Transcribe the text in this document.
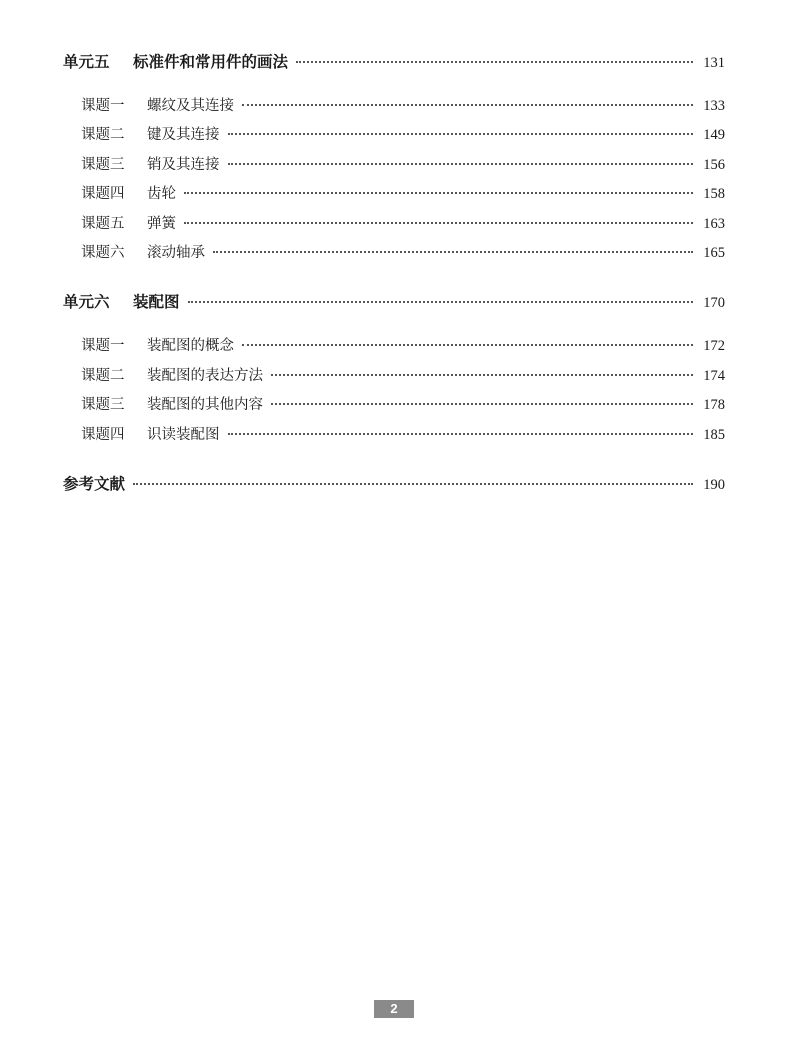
单元五	标准件和常用件的画法	131
课题一	螺纹及其连接	133
课题二	键及其连接	149
课题三	销及其连接	156
课题四	齿轮	158
课题五	弹簧	163
课题六	滚动轴承	165
单元六	装配图	170
课题一	装配图的概念	172
课题二	装配图的表达方法	174
课题三	装配图的其他内容	178
课题四	识读装配图	185
参考文献	190
2
